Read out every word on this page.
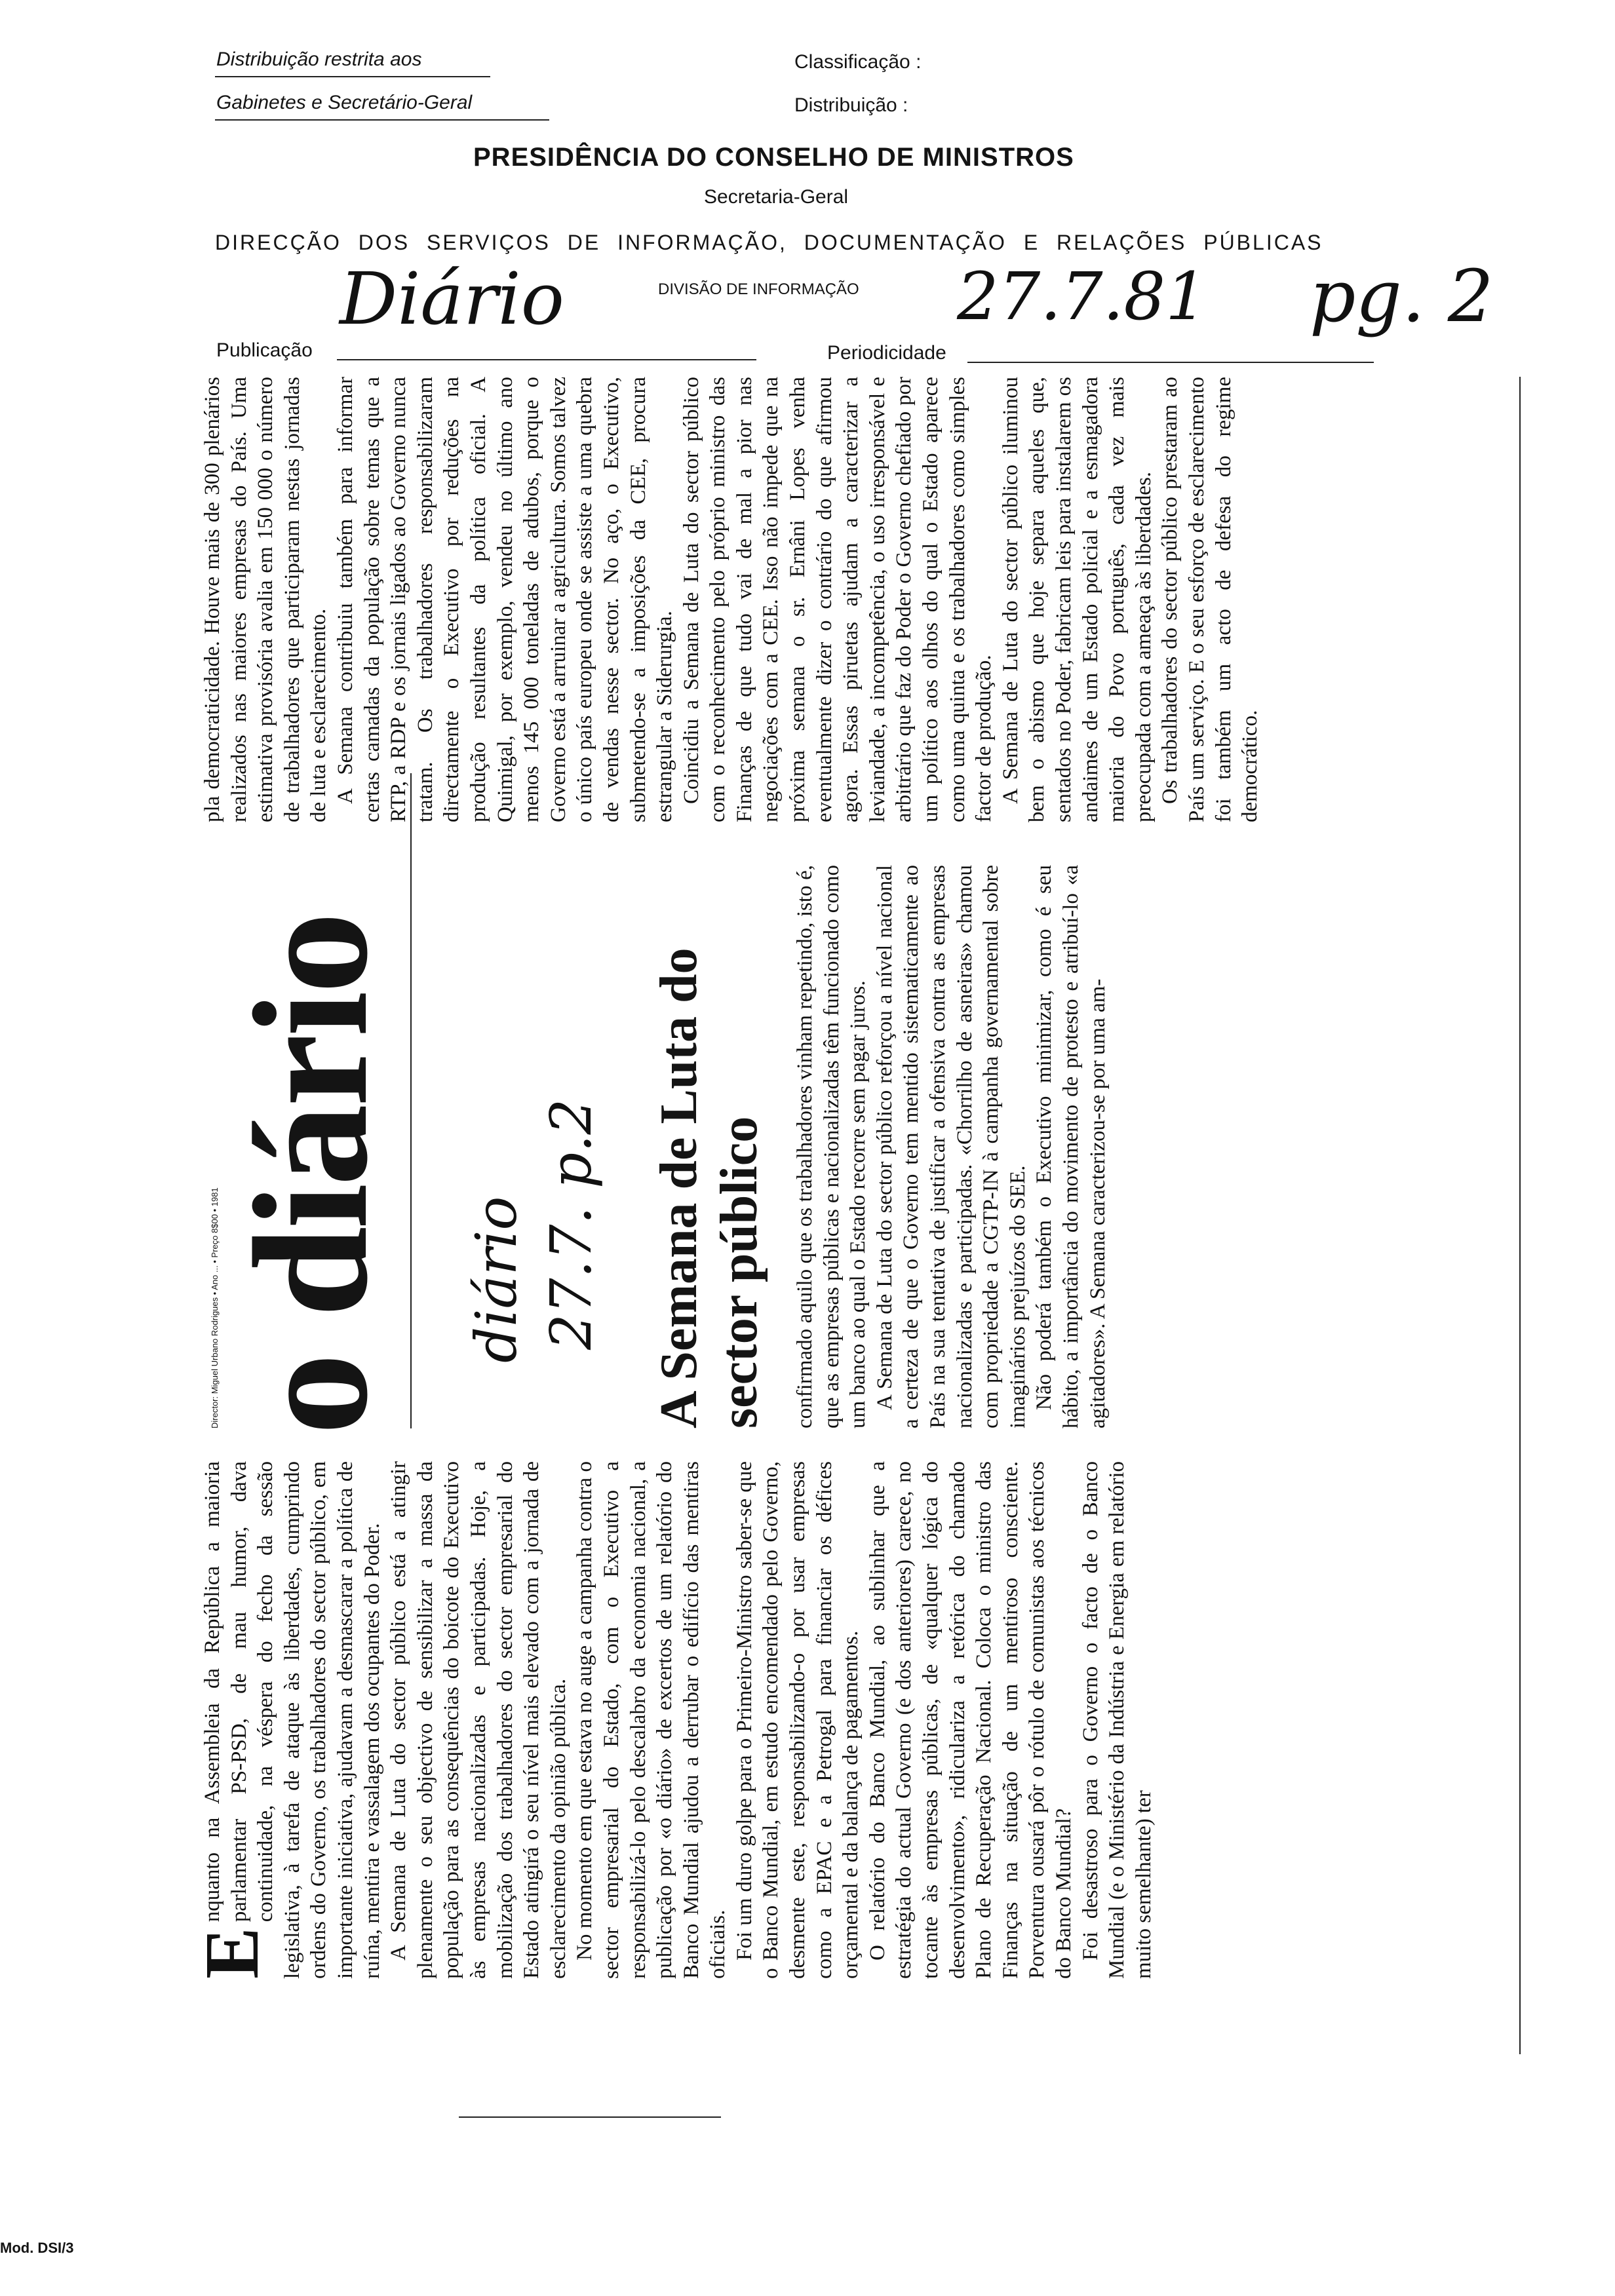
Distribuição restrita aos
Gabinetes e Secretário-Geral
Classificação :
Distribuição :
PRESIDÊNCIA DO CONSELHO DE MINISTROS
Secretaria-Geral
DIRECÇÃO DOS SERVIÇOS DE INFORMAÇÃO, DOCUMENTAÇÃO E RELAÇÕES PÚBLICAS
DIVISÃO DE INFORMAÇÃO
Diário	27.7.81 pg. 2
Publicação	Periodicidade
Mod. DSI/3

E
nquanto na Assembleia da República a maioria parlamentar PS-PSD, de mau humor, dava continuidade, na véspera do fecho da sessão legislativa, à tarefa de ataque às liberdades, cumprindo ordens do Governo, os trabalhadores do sector público, em importante iniciativa, ajudavam a desmascarar a política de ruína, mentira e vassalagem dos ocupantes do Poder. A Semana de Luta do sector público está a atingir plenamente o seu objectivo de sensibilizar a massa da população para as consequências do boicote do Executivo às empresas nacionalizadas e participadas. Hoje, a mobilização dos trabalhadores do sector empresarial do Estado atingirá o seu nível mais elevado com a jornada de esclarecimento da opinião pública. No momento em que estava no auge a campanha contra o sector empresarial do Estado, com o Executivo a responsabilizá-lo pelo descalabro da economia nacional, a publicação por «o diário» de excertos de um relatório do Banco Mundial ajudou a derrubar o edifício das mentiras oficiais. Foi um duro golpe para o Primeiro-Ministro saber-se que o Banco Mundial, em estudo encomendado pelo Governo, desmente este, responsabilizando-o por usar empresas como a EPAC e a Petrogal para financiar os défices orçamental e da balança de pagamentos. O relatório do Banco Mundial, ao sublinhar que a estratégia do actual Governo (e dos anteriores) carece, no tocante às empresas públicas, de «qualquer lógica do desenvolvimento», ridiculariza a retórica do chamado Plano de Recuperação Nacional. Coloca o ministro das Finanças na situação de um mentiroso consciente. Porventura ousará pôr o rótulo de comunistas aos técnicos do Banco Mundial? Foi desastroso para o Governo o facto de o Banco Mundial (e o Ministério da Indústria e Energia em relatório muito semelhante) ter

Director: Miguel Urbano Rodrigues • Ano ... • Preço 8$00 • 1981 o diário diário 27.7. p.2 A Semana de Luta do sector público confirmado aquilo que os trabalhadores vinham repetindo, isto é, que as empresas públicas e nacionalizadas têm funcionado como um banco ao qual o Estado recorre sem pagar juros. A Semana de Luta do sector público reforçou a nível nacional a certeza de que o Governo tem mentido sistematicamente ao País na sua tentativa de justificar a ofensiva contra as empresas nacionalizadas e participadas. «Chorrilho de asneiras» chamou com propriedade a CGTP-IN à campanha governamental sobre imaginários prejuízos do SEE. Não poderá também o Executivo minimizar, como é seu hábito, a importância do movimento de protesto e atribuí-lo «a agitadores». A Semana caracterizou-se por uma am-

pla democraticidade. Houve mais de 300 plenários realizados nas maiores empresas do País. Uma estimativa provisória avalia em 150 000 o número de trabalhadores que participaram nestas jornadas de luta e esclarecimento. A Semana contribuiu também para informar certas camadas da população sobre temas que a RTP, a RDP e os jornais ligados ao Governo nunca tratam. Os trabalhadores responsabilizaram directamente o Executivo por reduções na produção resultantes da política oficial. A Quimigal, por exemplo, vendeu no último ano menos 145 000 toneladas de adubos, porque o Governo está a arruinar a agricultura. Somos talvez o único país europeu onde se assiste a uma quebra de vendas nesse sector. No aço, o Executivo, submetendo-se a imposições da CEE, procura estrangular a Siderurgia. Coincidiu a Semana de Luta do sector público com o reconhecimento pelo próprio ministro das Finanças de que tudo vai de mal a pior nas negociações com a CEE. Isso não impede que na próxima semana o sr. Ernâni Lopes venha eventualmente dizer o contrário do que afirmou agora. Essas piruetas ajudam a caracterizar a leviandade, a incompetência, o uso irresponsável e arbitrário que faz do Poder o Governo chefiado por um político aos olhos do qual o Estado aparece como uma quinta e os trabalhadores como simples factor de produção. A Semana de Luta do sector público iluminou bem o abismo que hoje separa aqueles que, sentados no Poder, fabricam leis para instalarem os andaimes de um Estado policial e a esmagadora maioria do Povo português, cada vez mais preocupada com a ameaça às liberdades. Os trabalhadores do sector público prestaram ao País um serviço. E o seu esforço de esclarecimento foi também um acto de defesa do regime democrático.
